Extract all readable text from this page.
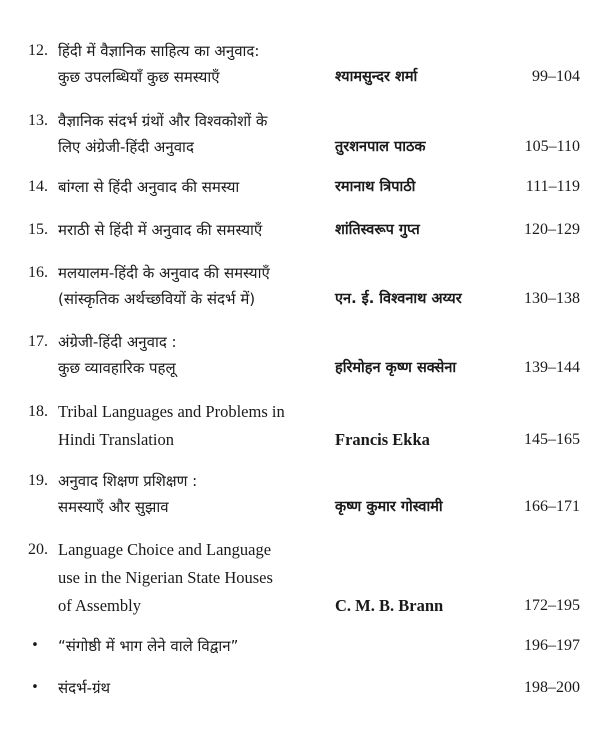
12. हिंदी में वैज्ञानिक साहित्य का अनुवाद:
कुछ उपलब्धियाँ कुछ समस्याएँ	श्यामसुन्दर शर्मा	99–104
13. वैज्ञानिक संदर्भ ग्रंथों और विश्वकोशों के
लिए अंग्रेजी-हिंदी अनुवाद	तुरशनपाल पाठक	105–110
14. बांग्ला से हिंदी अनुवाद की समस्या	रमानाथ त्रिपाठी	111–119
15. मराठी से हिंदी में अनुवाद की समस्याएँ	शांतिस्वरूप गुप्त	120–129
16. मलयालम-हिंदी के अनुवाद की समस्याएँ
(सांस्कृतिक अर्थच्छवियों के संदर्भ में)	एन. ई. विश्वनाथ अय्यर	130–138
17. अंग्रेजी-हिंदी अनुवाद :
कुछ व्यावहारिक पहलू	हरिमोहन कृष्ण सक्सेना	139–144
18. Tribal Languages and Problems in
Hindi Translation	Francis Ekka	145–165
19. अनुवाद शिक्षण प्रशिक्षण :
समस्याएँ और सुझाव	कृष्ण कुमार गोस्वामी	166–171
20. Language Choice and Language
use in the Nigerian State Houses
of Assembly	C. M. B. Brann	172–195
• “संगोष्ठी में भाग लेने वाले विद्वान”	196–197
• संदर्भ-ग्रंथ	198–200
